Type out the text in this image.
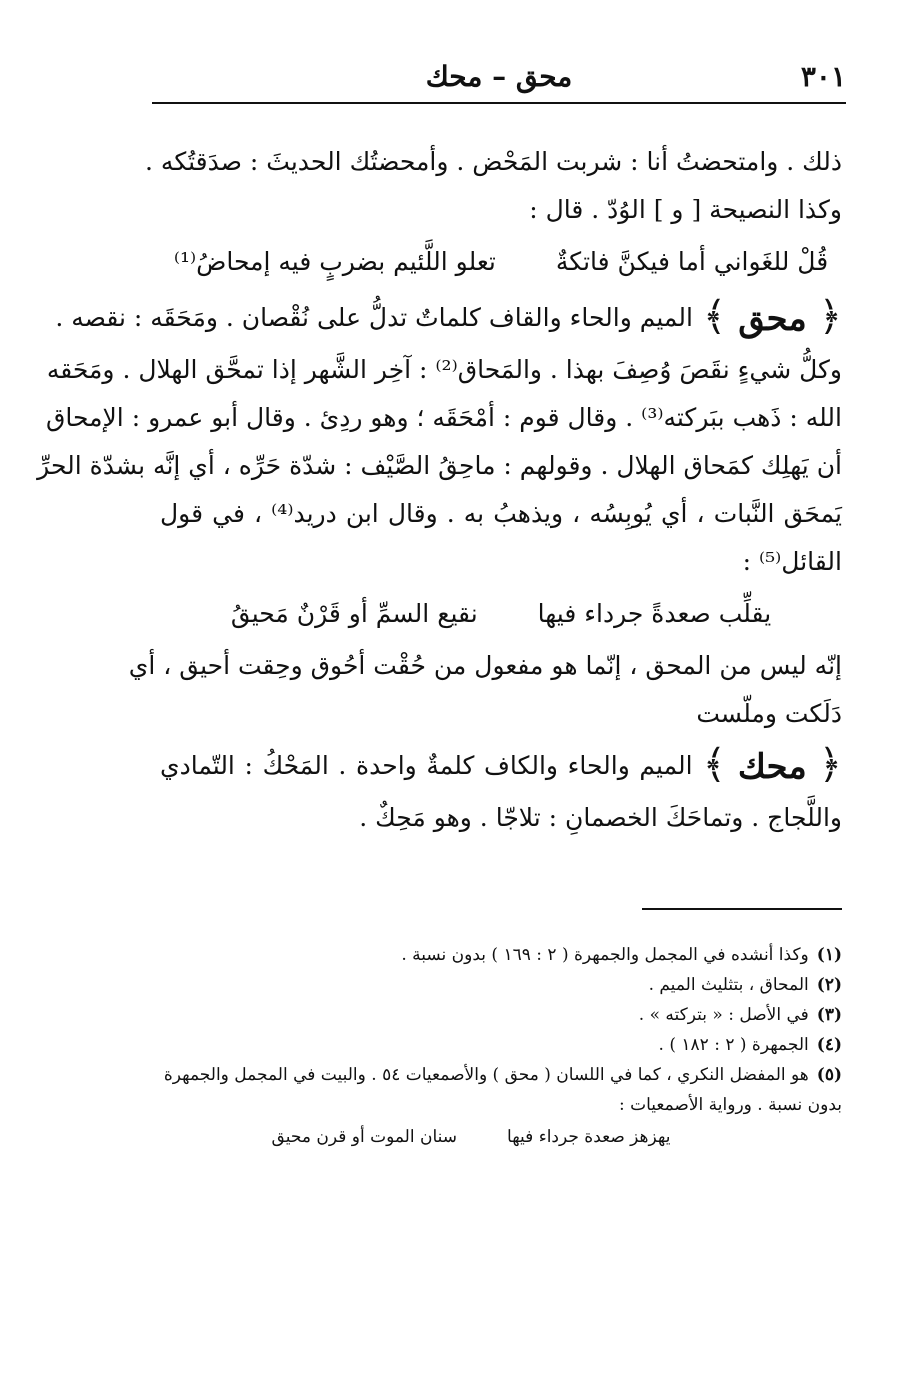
٣٠١
محق – محك
ذلك . وامتحضتُ أنا : شربت المَحْض . وأمحضتُك الحديثَ : صدَقتُكه .
وكذا النصيحة [ و ] الوُدّ . قال :
قُلْ للغَواني أما فيكنَّ فاتكةٌ
تعلو اللَّئيم بضربٍ فيه إمحاضُ⁽¹⁾
﴿ محق ﴾
الميم والحاء والقاف كلماتٌ تدلُّ على نُقْصان . ومَحَقَه : نقصه .
وكلُّ شيءٍ نقَصَ وُصِفَ بهذا . والمَحاق⁽²⁾ : آخِر الشَّهر إذا تمحَّق الهلال . ومَحَقه
الله : ذَهب ببَركته⁽³⁾ . وقال قوم : أمْحَقَه ؛ وهو ردِئ . وقال أبو عمرو : الإمحاق
أن يَهلِك كمَحاق الهلال . وقولهم : ماحِقُ الصَّيْف : شدّة حَرِّه ، أي إنَّه بشدّة الحرِّ
يَمحَق النَّبات ، أي يُوبِسُه ، ويذهبُ به . وقال ابن دريد⁽⁴⁾ ، في قول
القائل⁽⁵⁾ :
يقلِّب صعدةً جرداء فيها
نقيع السمِّ أو قَرْنٌ مَحيقُ
إنّه ليس من المحق ، إنّما هو مفعول من حُقْت أحُوق وحِقت أحيق ، أي
دَلَكت وملّست
﴿ محك ﴾
الميم والحاء والكاف كلمةٌ واحدة . المَحْكُ : التّمادي
واللَّجاج . وتماحَكَ الخصمانِ : تلاجّا . وهو مَحِكٌ .
(١)وكذا أنشده في المجمل والجمهرة ( ٢ : ١٦٩ ) بدون نسبة .
(٢)المحاق ، بتثليث الميم .
(٣)في الأصل : « بتركته » .
(٤)الجمهرة ( ٢ : ١٨٢ ) .
(٥)هو المفضل النكري ، كما في اللسان ( محق ) والأصمعيات ٥٤ . والبيت في المجمل والجمهرة
بدون نسبة . ورواية الأصمعيات :
يهزهز صعدة جرداء فيها
سنان الموت أو قرن محيق
